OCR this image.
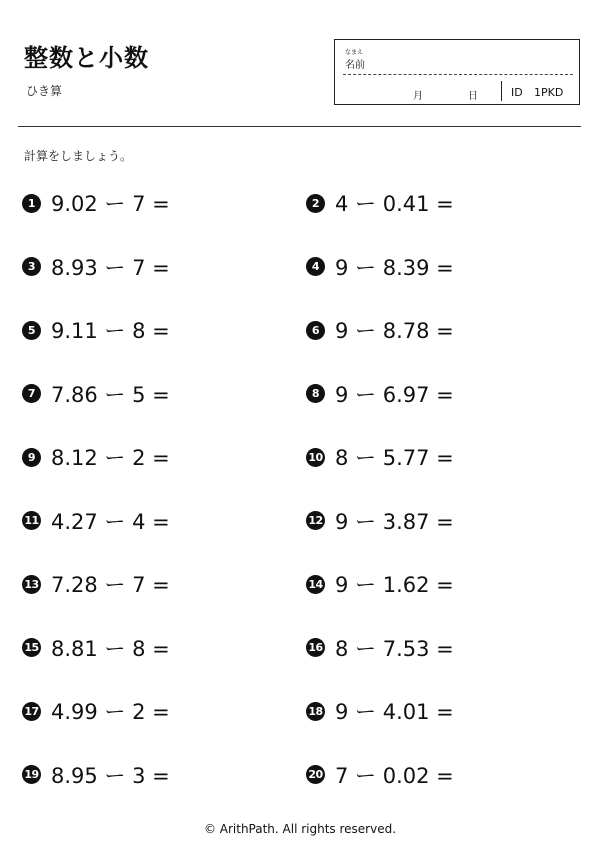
整数と小数
ひき算
なまえ
名前
月	日	ID 1PKD
計算をしましょう。
1 9.02 ー 7 =	2 4 ー 0.41 =
3 8.93 ー 7 =	4 9 ー 8.39 =
5 9.11 ー 8 =	6 9 ー 8.78 =
7 7.86 ー 5 =	8 9 ー 6.97 =
9 8.12 ー 2 =	10 8 ー 5.77 =
11 4.27 ー 4 =	12 9 ー 3.87 =
13 7.28 ー 7 =	14 9 ー 1.62 =
15 8.81 ー 8 =	16 8 ー 7.53 =
17 4.99 ー 2 =	18 9 ー 4.01 =
19 8.95 ー 3 =	20 7 ー 0.02 =
© ArithPath. All rights reserved.
